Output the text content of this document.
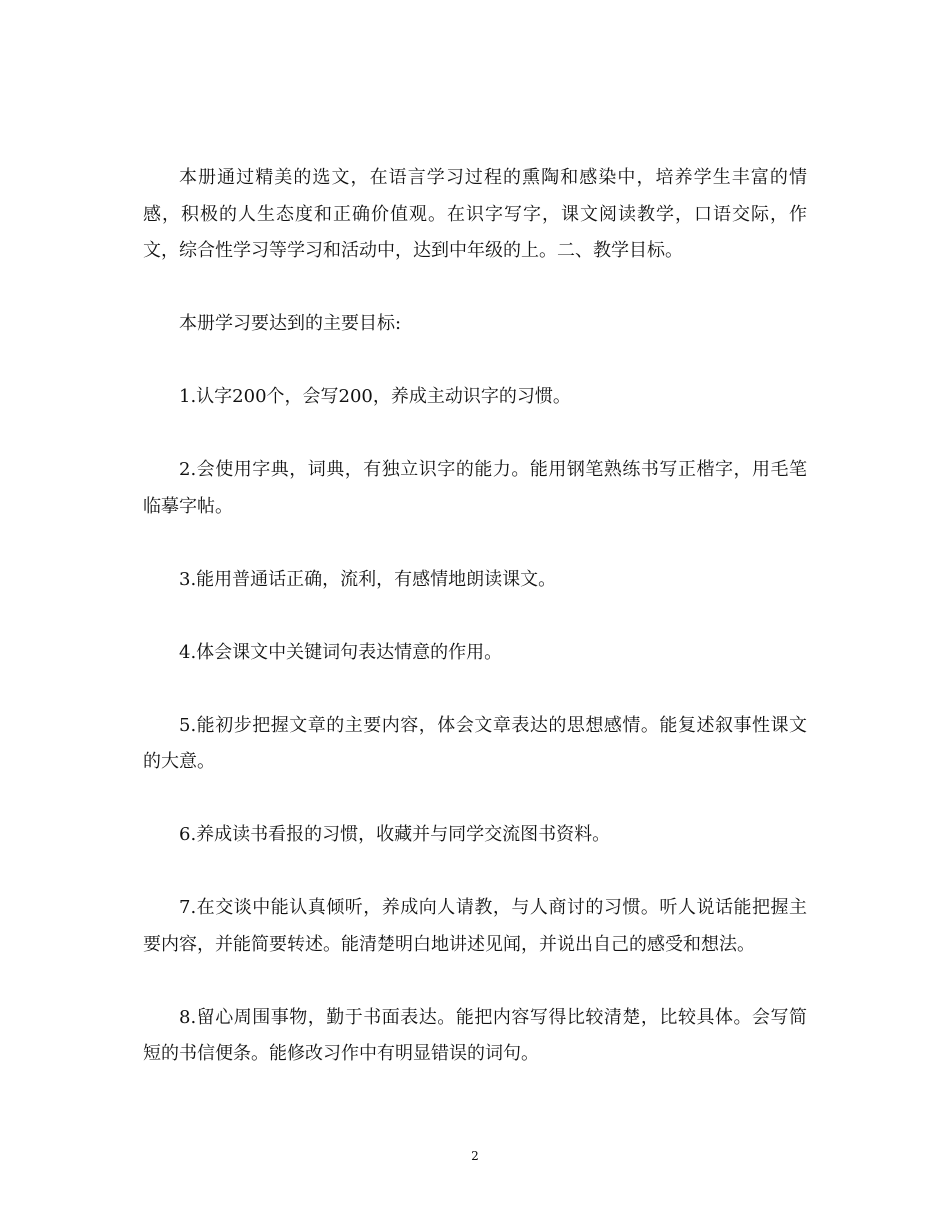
本册通过精美的选文，在语言学习过程的熏陶和感染中，培养学生丰富的情感，积极的人生态度和正确价值观。在识字写字，课文阅读教学，口语交际，作文，综合性学习等学习和活动中，达到中年级的上。二、教学目标。

本册学习要达到的主要目标:

1.认字200个，会写200，养成主动识字的习惯。

2.会使用字典，词典，有独立识字的能力。能用钢笔熟练书写正楷字，用毛笔临摹字帖。

3.能用普通话正确，流利，有感情地朗读课文。

4.体会课文中关键词句表达情意的作用。

5.能初步把握文章的主要内容，体会文章表达的思想感情。能复述叙事性课文的大意。

6.养成读书看报的习惯，收藏并与同学交流图书资料。

7.在交谈中能认真倾听，养成向人请教，与人商讨的习惯。听人说话能把握主要内容，并能简要转述。能清楚明白地讲述见闻，并说出自己的感受和想法。

8.留心周围事物，勤于书面表达。能把内容写得比较清楚，比较具体。会写简短的书信便条。能修改习作中有明显错误的词句。

2
